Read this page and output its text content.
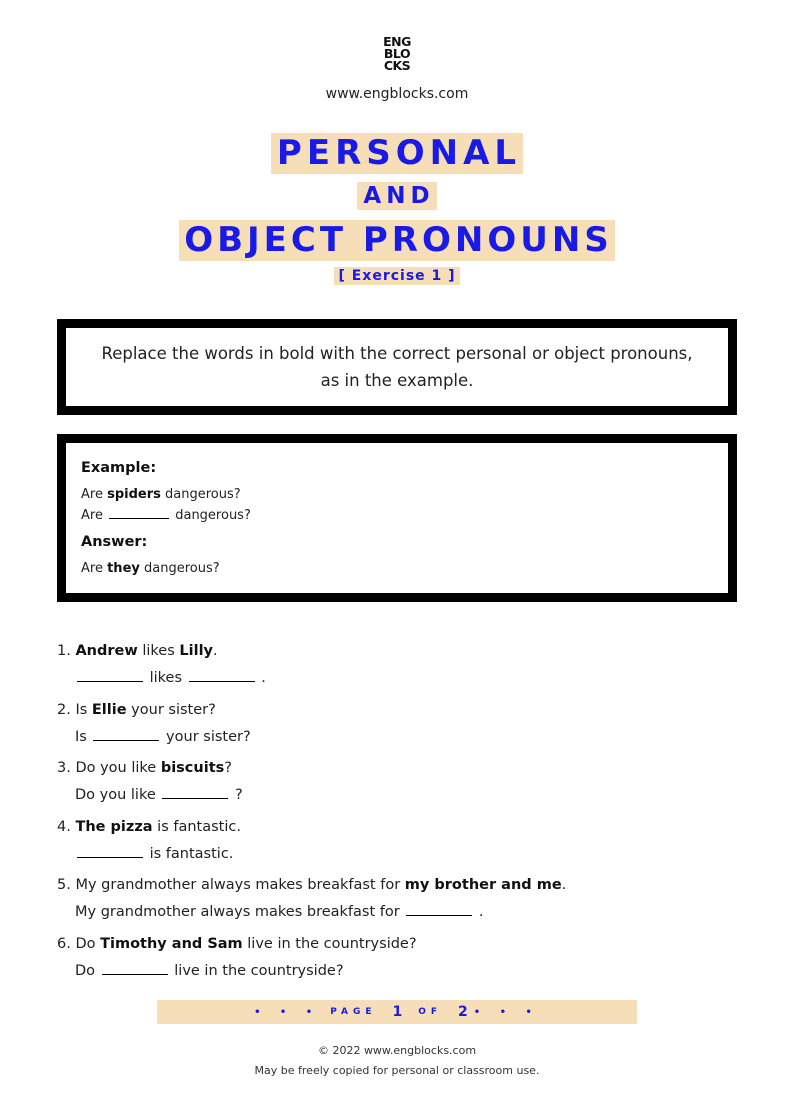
ENG
BLO
CKS
www.engblocks.com
PERSONAL
AND
OBJECT PRONOUNS
[ Exercise 1 ]
Replace the words in bold with the correct personal or object pronouns,
as in the example.
Example:
Are spiders dangerous?
Are	dangerous?
Answer:
Are they dangerous?
1. Andrew likes Lilly.
likes	.
2. Is Ellie your sister?
Is	your sister?
3. Do you like biscuits?
Do you like	?
4. The pizza is fantastic.
is fantastic.
5. My grandmother always makes breakfast for my brother and me.
My grandmother always makes breakfast for	.
6. Do Timothy and Sam live in the countryside?
Do	live in the countryside?
• • • PAGE 1 OF 2 • • •
© 2022 www.engblocks.com
May be freely copied for personal or classroom use.
